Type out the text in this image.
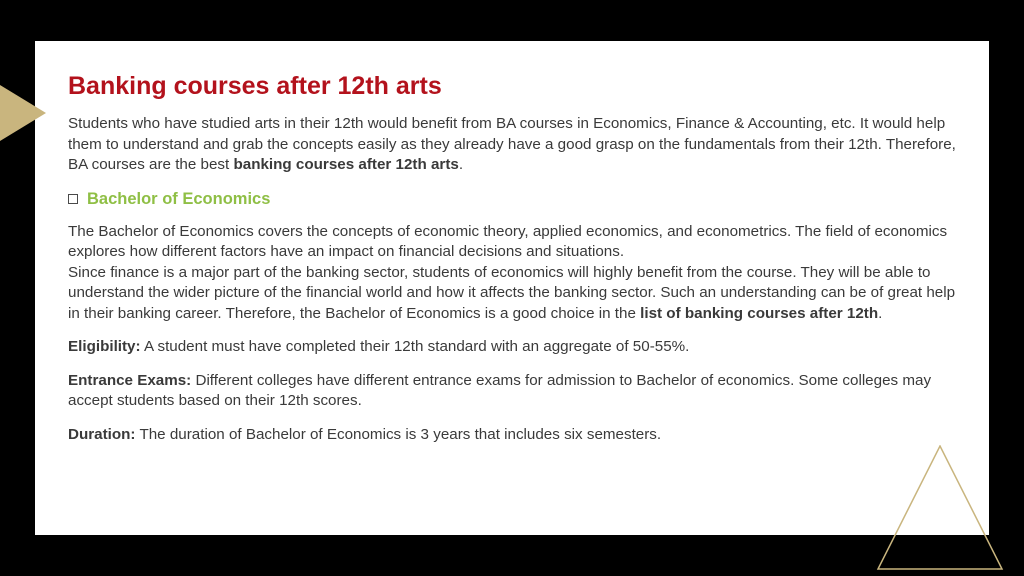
Banking courses after 12th arts

Students who have studied arts in their 12th would benefit from BA courses in Economics, Finance & Accounting, etc. It would help them to understand and grab the concepts easily as they already have a good grasp on the fundamentals from their 12th. Therefore, BA courses are the best banking courses after 12th arts.

Bachelor of Economics

The Bachelor of Economics covers the concepts of economic theory, applied economics, and econometrics. The field of economics explores how different factors have an impact on financial decisions and situations.

Since finance is a major part of the banking sector, students of economics will highly benefit from the course. They will be able to understand the wider picture of the financial world and how it affects the banking sector. Such an understanding can be of great help in their banking career. Therefore, the Bachelor of Economics is a good choice in the list of banking courses after 12th.

Eligibility: A student must have completed their 12th standard with an aggregate of 50-55%.

Entrance Exams: Different colleges have different entrance exams for admission to Bachelor of economics. Some colleges may accept students based on their 12th scores.

Duration: The duration of Bachelor of Economics is 3 years that includes six semesters.
